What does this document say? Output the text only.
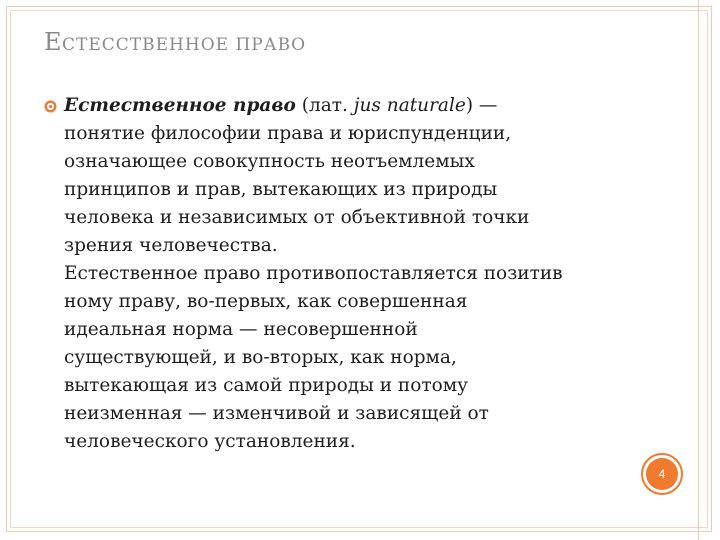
ЕСТЕССТВЕННОЕ ПРАВО
Естественное право (лат. jus naturale) —
понятие философии права и юриспунденции,
означающее совокупность неотъемлемых
принципов и прав, вытекающих из природы
человека и независимых от объективной точки
зрения человечества.
Естественное право противопоставляется позитив
ному праву, во-первых, как совершенная
идеальная норма — несовершенной
существующей, и во-вторых, как норма,
вытекающая из самой природы и потому
неизменная — изменчивой и зависящей от
человеческого установления.
4
